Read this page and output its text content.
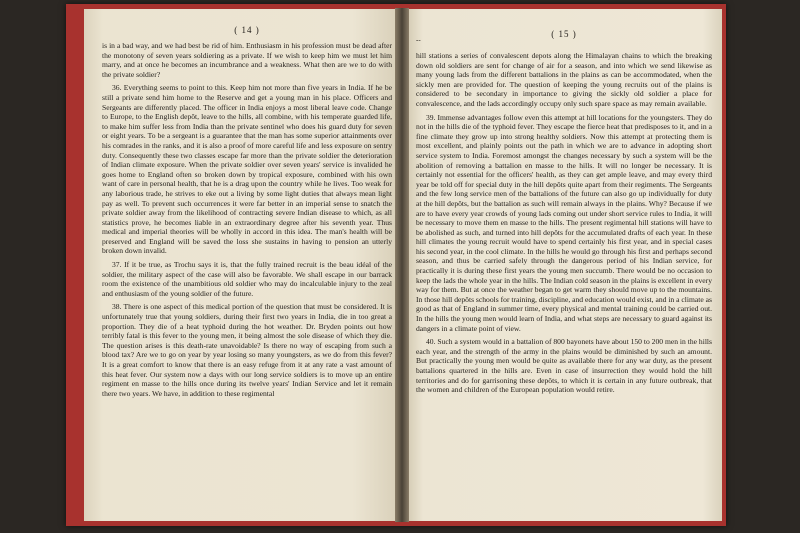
( 14 )

is in a bad way, and we had best be rid of him. Enthusiasm in his profession must be dead after the monotony of seven years soldiering as a private. If we wish to keep him we must let him marry, and at once he becomes an incumbrance and a weakness. What then are we to do with the private soldier?

36. Everything seems to point to this. Keep him not more than five years in India. If he be still a private send him home to the Reserve and get a young man in his place. Officers and Sergeants are differently placed. The officer in India enjoys a most liberal leave code. Change to Europe, to the English depôt, leave to the hills, all combine, with his temperate guarded life, to make him suffer less from India than the private sentinel who does his guard duty for seven or eight years. To be a sergeant is a guarantee that the man has some superior attainments over his comrades in the ranks, and it is also a proof of more careful life and less exposure on sentry duty. Consequently these two classes escape far more than the private soldier the deterioration of Indian climate exposure. When the private soldier over seven years' service is invalided he goes home to England often so broken down by tropical exposure, combined with his own want of care in personal health, that he is a drag upon the country while he lives. Too weak for any laborious trade, he strives to eke out a living by some light duties that always mean light pay as well. To prevent such occurrences it were far better in an imperial sense to snatch the private soldier away from the likelihood of contracting severe Indian disease to which, as all statistics prove, he becomes liable in an extraordinary degree after his seventh year. Thus medical and imperial theories will be wholly in accord in this idea. The man's health will be preserved and England will be saved the loss she sustains in having to pension an utterly broken down invalid.

37. If it be true, as Trochu says it is, that the fully trained recruit is the beau idéal of the soldier, the military aspect of the case will also be favorable. We shall escape in our barrack room the existence of the unambitious old soldier who may do incalculable injury to the zeal and enthusiasm of the young soldier of the future.

38. There is one aspect of this medical portion of the question that must be considered. It is unfortunately true that young soldiers, during their first two years in India, die in too great a proportion. They die of a heat typhoid during the hot weather. Dr. Bryden points out how terribly fatal is this fever to the young men, it being almost the sole disease of which they die. The question arises is this death-rate unavoidable? Is there no way of escaping from such a blood tax? Are we to go on year by year losing so many youngsters, as we do from this fever? It is a great comfort to know that there is an easy refuge from it at any rate a vast amount of this heat fever. Our system now a days with our long service soldiers is to move up an entire regiment en masse to the hills once during its twelve years' Indian Service and let it remain there two years. We have, in addition to these regimental

( 15 )
--

hill stations a series of convalescent depots along the Himalayan chains to which the breaking down old soldiers are sent for change of air for a season, and into which we send likewise as many young lads from the different battalions in the plains as can be accommodated, when the sickly men are provided for. The question of keeping the young recruits out of the plains is considered to be secondary in importance to giving the sickly old soldier a place for convalescence, and the lads accordingly occupy only such spare space as may remain available.

39. Immense advantages follow even this attempt at hill locations for the youngsters. They do not in the hills die of the typhoid fever. They escape the fierce heat that predisposes to it, and in a fine climate they grow up into strong healthy soldiers. Now this attempt at protecting them is most excellent, and plainly points out the path in which we are to advance in adopting short service system to India. Foremost amongst the changes necessary by such a system will be the abolition of removing a battalion en masse to the hills. It will no longer be necessary. It is certainly not essential for the officers' health, as they can get ample leave, and may every third year be told off for special duty in the hill depôts quite apart from their regiments. The Sergeants and the few long service men of the battalions of the future can also go up individually for duty at the hill depôts, but the battalion as such will remain always in the plains. Why? Because if we are to have every year crowds of young lads coming out under short service rules to India, it will be necessary to move them en masse to the hills. The present regimental hill stations will have to be abolished as such, and turned into hill depôts for the accumulated drafts of each year. In these hill climates the young recruit would have to spend certainly his first year, and in special cases his second year, in the cool climate. In the hills he would go through his first and perhaps second season, and thus be carried safely through the dangerous period of his Indian service, for practically it is during these first years the young men succumb. There would be no occasion to keep the lads the whole year in the hills. The Indian cold season in the plains is excellent in every way for them. But at once the weather began to get warm they should move up to the mountains. In those hill depôts schools for training, discipline, and education would exist, and in a climate as good as that of England in summer time, every physical and mental training could be carried out. In the hills the young men would learn of India, and what steps are necessary to guard against its dangers in a climate point of view.

40. Such a system would in a battalion of 800 bayonets have about 150 to 200 men in the hills each year, and the strength of the army in the plains would be diminished by such an amount. But practically the young men would be quite as available there for any war duty, as the present battalions quartered in the hills are. Even in case of insurrection they would hold the hill territories and do for garrisoning these depôts, to which it is certain in any future outbreak, that the women and children of the European population would retire.
